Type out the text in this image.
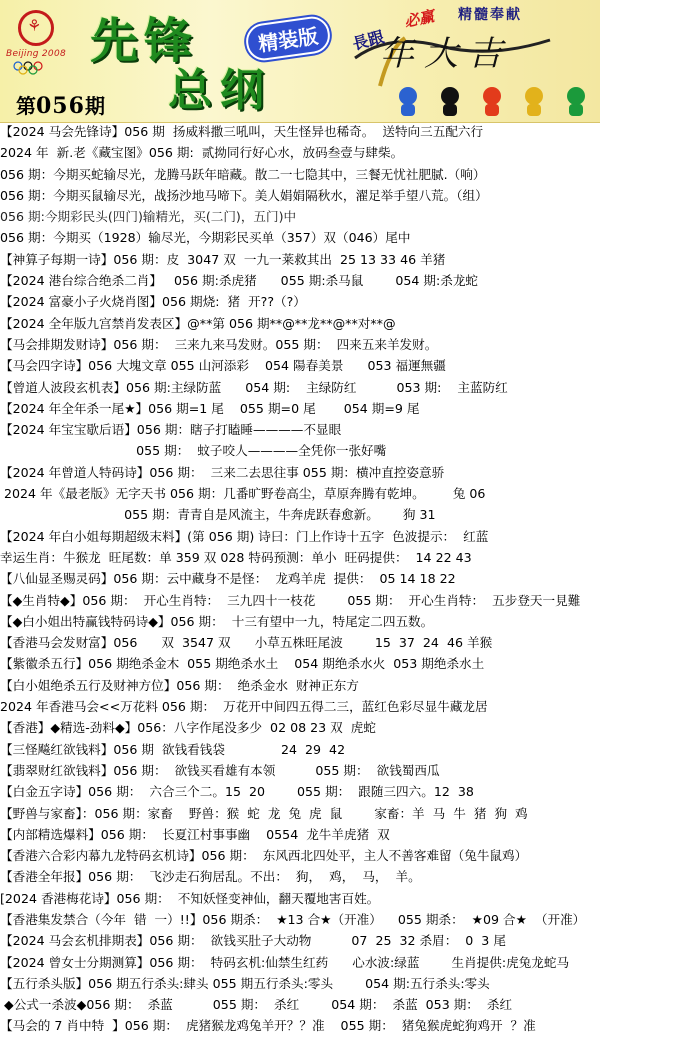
⚘
Beijing 2008 先锋
总纲
精装版
必赢 精髓奉献
長跟
年大吉
第056期
【2024 马会先锋诗】056 期  扬威料撒三吼叫，天生怪异也稀奇。  送特向三五配六行
2024 年  新.老《藏宝图》056 期:  贰拗同行好心水，放码叁壹与肆柴。
056 期：今期买蛇输尽光，龙腾马跃年暗藏。散二一七隐其中，三餐无忧社肥腻.（响）
056 期：今期买鼠输尽光，战扬沙地马啼下。美人娟娟隔秋水，濯足举手望八荒。（组）
056 期:今期彩民头(四门)输精光，买(二门)，五门)中
056 期：今期买（1928）输尽光，今期彩民买单（357）双（046）尾中
【神算子每期一诗】056 期：皮  3047 双  一九一莱救其出  25 13 33 46 羊猪
【2024 港台综合绝杀二肖】   056 期:杀虎猪      055 期:杀马鼠        054 期:杀龙蛇
【2024 富豪小子火烧肖图】056 期烧:  猪  开??（?）
【2024 全年版九宫禁肖发表区】@**第 056 期**@**龙**@**对**@
【马会排期发财诗】056 期：  三来九来马发财。055 期：  四来五来羊发财。
【马会四字诗】056 大塊文章 055 山河添彩    054 陽春美景      053 福運無疆
【曾道人波段玄机表】056 期:主绿防蓝      054 期:    主绿防红          053 期:    主蓝防红
【2024 年全年杀一尾★】056 期=1 尾    055 期=0 尾       054 期=9 尾
【2024 年宝宝歇后语】056 期：瞎子打瞌睡————不显眼
055 期：  蚊子咬人————全凭你一张好嘴
【2024 年曾道人特码诗】056 期：  三来二去思往事 055 期：横冲直控姿意骄
2024 年《最老版》无字天书 056 期：几番旷野卷高尘，草原奔腾有乾坤。       兔 06
055 期：青青自是风流主，牛奔虎跃春愈新。      狗 31
【2024 年白小姐每期超级末料】(第 056 期) 诗曰：门上作诗十五字  色波提示：  红蓝
幸运生肖：牛猴龙  旺尾数：单 359 双 028 特码预测：单小  旺码提供：  14 22 43
【八仙显圣赐灵码】056 期：云中藏身不是怪：  龙鸡羊虎  提供：  05 14 18 22
【◆生肖特◆】056 期：  开心生肖特：  三九四十一枝花        055 期：  开心生肖特：  五步登天一見難
【◆白小姐出特赢钱特码诗◆】056 期：  十三有望中一九，特尾定二四五数。
【香港马会发财富】056      双  3547 双      小草五株旺尾波        15  37  24  46 羊猴
【紫徽杀五行】056 期绝杀金木  055 期绝杀水土    054 期绝杀水火  053 期绝杀水土
【白小姐绝杀五行及财神方位】056 期：  绝杀金水  财神正东方
2024 年香港马会<<万花料 056 期：  万花开中间四五得二三，蓝红色彩尽显牛藏龙居
【香港】◆精选-劲料◆】056：八字作尾没多少  02 08 23 双  虎蛇
【三怪飚红欲钱料】056 期  欲钱看钱袋              24  29  42
【翡翠财红欲钱料】056 期：  欲钱买看雄有本领          055 期：  欲钱蜀西瓜
【白金五字诗】056 期：  六合三个二。15  20        055 期：  跟随三四六。12  38
【野兽与家畜】：056 期：家畜    野兽：猴  蛇  龙  兔  虎  鼠        家畜：羊  马  牛  猪  狗  鸡
【内部精选爆料】056 期：  长夏江村事事幽    0554  龙牛羊虎猪  双
【香港六合彩内幕九龙特码玄机诗】056 期：  东风西北四处平，主人不善客难留（兔牛鼠鸡）
【香港全年报】056 期：  飞沙走石狗居乱。不出：  狗，  鸡，  马，  羊。
[2024 香港梅花诗】056 期：  不知妖怪变神仙，翻天覆地害百姓。
【香港集发禁合（今年  错  一）!!】056 期杀：  ★13 合★（开准）    055 期杀：  ★09 合★  （开准）
【2024 马会玄机排期表】056 期：  欲钱买肚子大动物          07  25  32 杀眉：  0  3 尾
【2024 曾女士分期测算】056 期：  特码玄机:仙禁生红药      心水波:绿蓝        生肖提供:虎兔龙蛇马
【五行杀头版】056 期五行杀头:肆头 055 期五行杀头:零头        054 期:五行杀头:零头
◆公式一杀波◆056 期：  杀蓝          055 期：  杀红        054 期：  杀蓝  053 期：  杀红
【马会的 7 肖中特  】056 期：  虎猪猴龙鸡兔羊开？？准    055 期：  猪兔猴虎蛇狗鸡开  ？准
